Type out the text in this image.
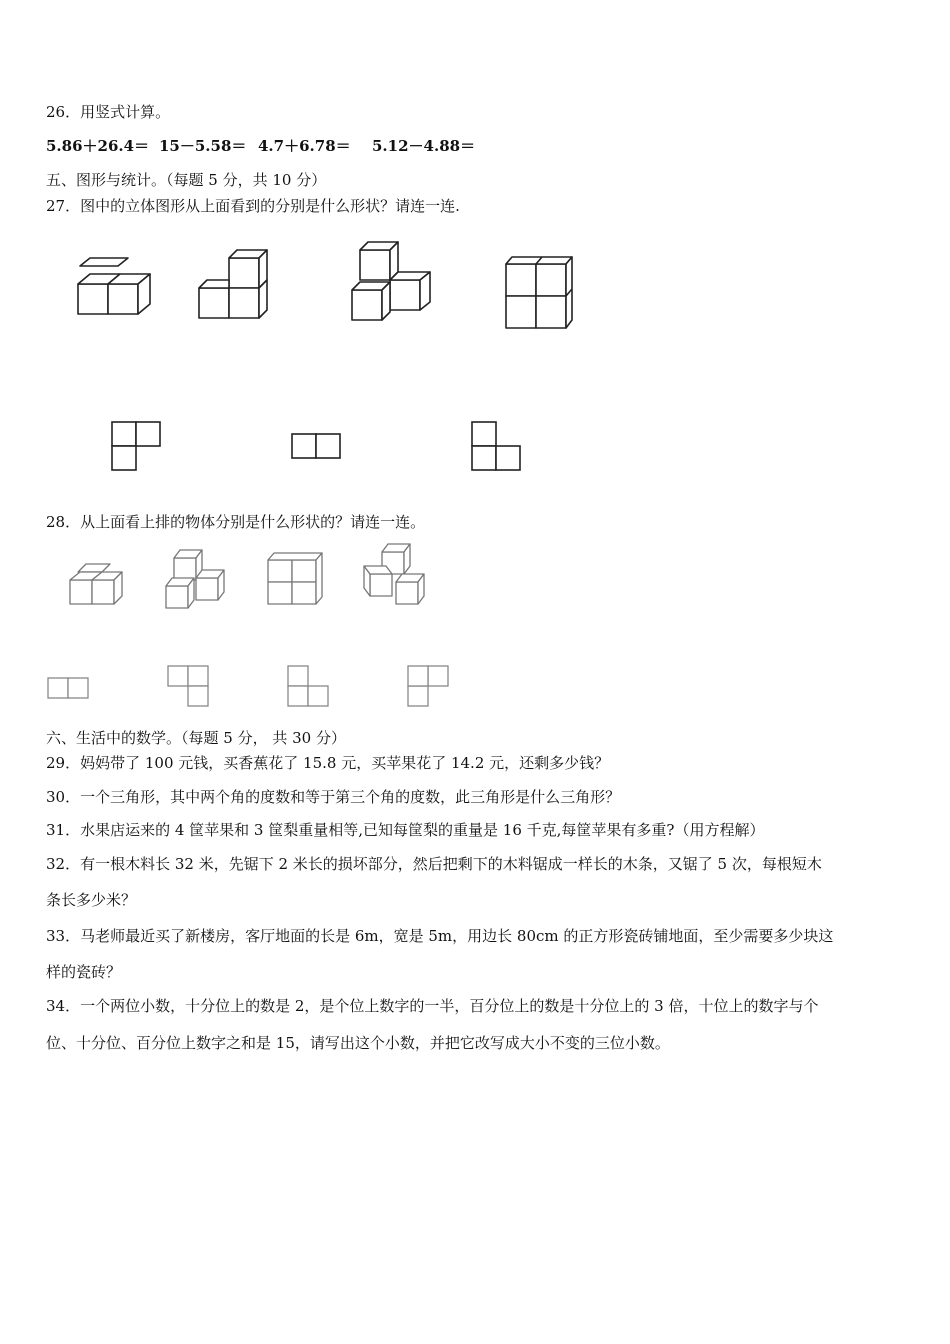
26．用竖式计算。
5.86＋26.4＝ 15－5.58＝ 4.7＋6.78＝ 5.12－4.88＝
五、图形与统计。（每题 5 分，共 10 分）
27．图中的立体图形从上面看到的分别是什么形状？请连一连.
28．从上面看上排的物体分别是什么形状的？请连一连。
六、生活中的数学。（每题 5 分， 共 30 分）
29．妈妈带了 100 元钱，买香蕉花了 15.8 元，买苹果花了 14.2 元，还剩多少钱？
30．一个三角形，其中两个角的度数和等于第三个角的度数，此三角形是什么三角形？
31．水果店运来的 4 筐苹果和 3 筐梨重量相等,已知每筐梨的重量是 16 千克,每筐苹果有多重?（用方程解）
32．有一根木料长 32 米，先锯下 2 米长的损坏部分，然后把剩下的木料锯成一样长的木条，又锯了 5 次，每根短木
条长多少米？
33．马老师最近买了新楼房，客厅地面的长是 6m，宽是 5m，用边长 80cm 的正方形瓷砖铺地面，至少需要多少块这
样的瓷砖？
34．一个两位小数，十分位上的数是 2，是个位上数字的一半，百分位上的数是十分位上的 3 倍，十位上的数字与个
位、十分位、百分位上数字之和是 15，请写出这个小数，并把它改写成大小不变的三位小数。
